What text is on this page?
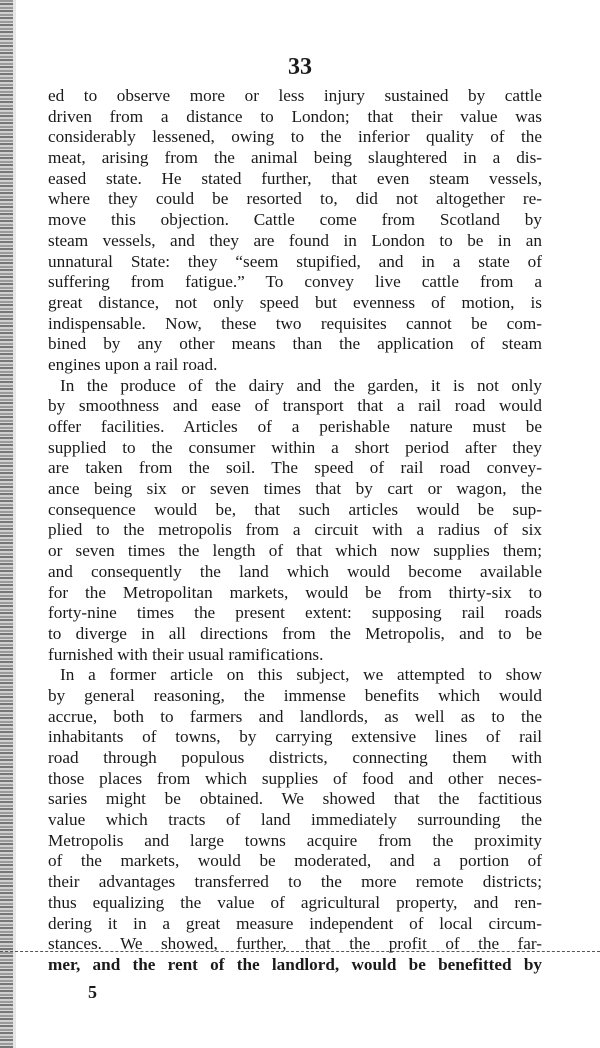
33
ed to observe more or less injury sustained by cattle
driven from a distance to London; that their value was
considerably lessened, owing to the inferior quality of the
meat, arising from the animal being slaughtered in a dis-
eased state. He stated further, that even steam vessels,
where they could be resorted to, did not altogether re-
move this objection. Cattle come from Scotland by
steam vessels, and they are found in London to be in an
unnatural State: they “seem stupified, and in a state of
suffering from fatigue.” To convey live cattle from a
great distance, not only speed but evenness of motion, is
indispensable. Now, these two requisites cannot be com-
bined by any other means than the application of steam
engines upon a rail road.
In the produce of the dairy and the garden, it is not only
by smoothness and ease of transport that a rail road would
offer facilities. Articles of a perishable nature must be
supplied to the consumer within a short period after they
are taken from the soil. The speed of rail road convey-
ance being six or seven times that by cart or wagon, the
consequence would be, that such articles would be sup-
plied to the metropolis from a circuit with a radius of six
or seven times the length of that which now supplies them;
and consequently the land which would become available
for the Metropolitan markets, would be from thirty-six to
forty-nine times the present extent: supposing rail roads
to diverge in all directions from the Metropolis, and to be
furnished with their usual ramifications.
In a former article on this subject, we attempted to show
by general reasoning, the immense benefits which would
accrue, both to farmers and landlords, as well as to the
inhabitants of towns, by carrying extensive lines of rail
road through populous districts, connecting them with
those places from which supplies of food and other neces-
saries might be obtained. We showed that the factitious
value which tracts of land immediately surrounding the
Metropolis and large towns acquire from the proximity
of the markets, would be moderated, and a portion of
their advantages transferred to the more remote districts;
thus equalizing the value of agricultural property, and ren-
dering it in a great measure independent of local circum-
stances. We showed, further, that the profit of the far-
mer, and the rent of the landlord, would be benefitted by
5
